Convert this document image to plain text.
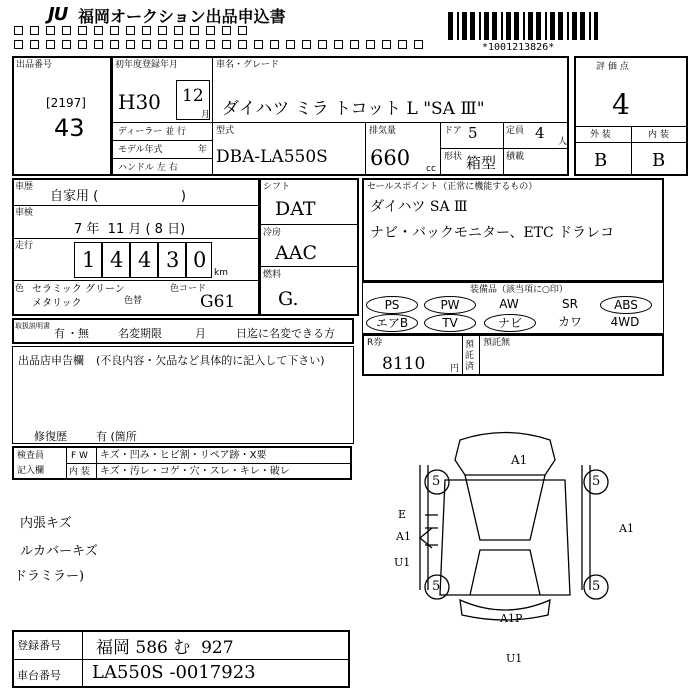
JU 福岡オークション出品申込書
*1001213826*
出品番号
[2197]
43
初年度登録年月
H30 12
月
ディーラー 並 行
モデル年式	年
ハンドル 左 右
車名・グレード
ダイハツ ミラ トコット L "SA Ⅲ"
型式
DBA-LA550S
排気量
660 cc
ドア 5	定員 4 人
形状 箱型 積載
評 価 点
4
外 装	内 装
B B
車歴
自家用 (                    )
車検
7 年  11 月 ( 8 日)
走行
1 4 4 3 0
km
色 セラミック グリーンメタリック	色替
色コード
G61
シフト
DAT
冷房
AAC
燃料
G.
セールスポイント（正常に機能するもの）
ダイハツ SA Ⅲ
ナビ・バックモニター、ETC ドラレコ
装備品（該当項に○印）
PS	PW	AW	SR	ABS
エアB	TV	ナビ	カワ	4WD
R券
8110	円
預託済
預託無
取扱説明書
有 ・ 無	名変期限	月	日迄に名変できる方
出品店申告欄 (不良内容・欠品など具体的に記入して下さい)
修復歴	有 (箇所
検査員
記入欄
F W キズ・凹み・ヒビ割・リペア跡・X要
内 装 キズ・汚レ・コゲ・穴・スレ・キレ・破レ
内張キズ
ルカバーキズ
ドラミラー)
A1
A1
A1P
U1
E
A1
U1
5	5
5	5
登録番号 福岡 586 む  927
車台番号 LA550S -0017923
